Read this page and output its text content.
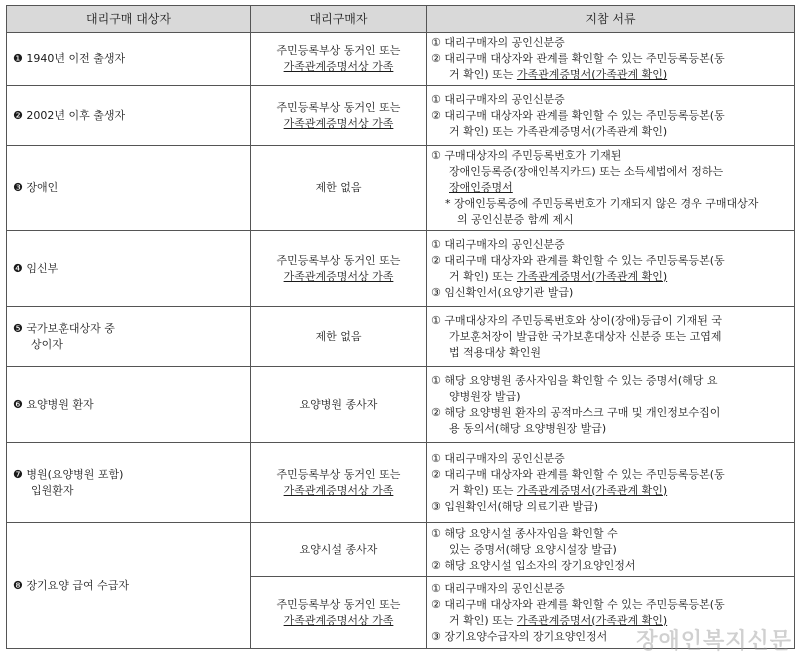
대리구매 대상자	대리구매자	지참 서류
❶ 1940년 이전 출생자	주민등록부상 동거인 또는
가족관계증명서상 가족	① 대리구매자의 공인신분증
② 대리구매 대상자와 관계를 확인할 수 있는 주민등록등본(동
거 확인) 또는 가족관계증명서(가족관계 확인)

❷ 2002년 이후 출생자	주민등록부상 동거인 또는
가족관계증명서상 가족	① 대리구매자의 공인신분증
② 대리구매 대상자와 관계를 확인할 수 있는 주민등록등본(동
거 확인) 또는 가족관계증명서(가족관계 확인)

❸ 장애인	제한 없음	① 구매대상자의 주민등록번호가 기재된
장애인등록증(장애인복지카드) 또는 소득세법에서 정하는
장애인증명서
* 장애인등록증에 주민등록번호가 기재되지 않은 경우 구매대상자
의 공인신분증 함께 제시

❹ 임신부	주민등록부상 동거인 또는
가족관계증명서상 가족	① 대리구매자의 공인신분증
② 대리구매 대상자와 관계를 확인할 수 있는 주민등록등본(동
거 확인) 또는 가족관계증명서(가족관계 확인)
③ 임신확인서(요양기관 발급)

❺ 국가보훈대상자 중
상이자	제한 없음	① 구매대상자의 주민등록번호와 상이(장애)등급이 기재된 국
가보훈처장이 발급한 국가보훈대상자 신분증 또는 고엽제
법 적용대상 확인원

❻ 요양병원 환자	요양병원 종사자	① 해당 요양병원 종사자임을 확인할 수 있는 증명서(해당 요
양병원장 발급)
② 해당 요양병원 환자의 공적마스크 구매 및 개인정보수집이
용 동의서(해당 요양병원장 발급)

❼ 병원(요양병원 포함)
입원환자	주민등록부상 동거인 또는
가족관계증명서상 가족	① 대리구매자의 공인신분증
② 대리구매 대상자와 관계를 확인할 수 있는 주민등록등본(동
거 확인) 또는 가족관계증명서(가족관계 확인)
③ 입원확인서(해당 의료기관 발급)

❽ 장기요양 급여 수급자	요양시설 종사자	① 해당 요양시설 종사자임을 확인할 수
있는 증명서(해당 요양시설장 발급)
② 해당 요양시설 입소자의 장기요양인정서

	주민등록부상 동거인 또는
가족관계증명서상 가족	① 대리구매자의 공인신분증
② 대리구매 대상자와 관계를 확인할 수 있는 주민등록등본(동
거 확인) 또는 가족관계증명서(가족관계 확인)
③ 장기요양수급자의 장기요양인정서	장애인복지신문
